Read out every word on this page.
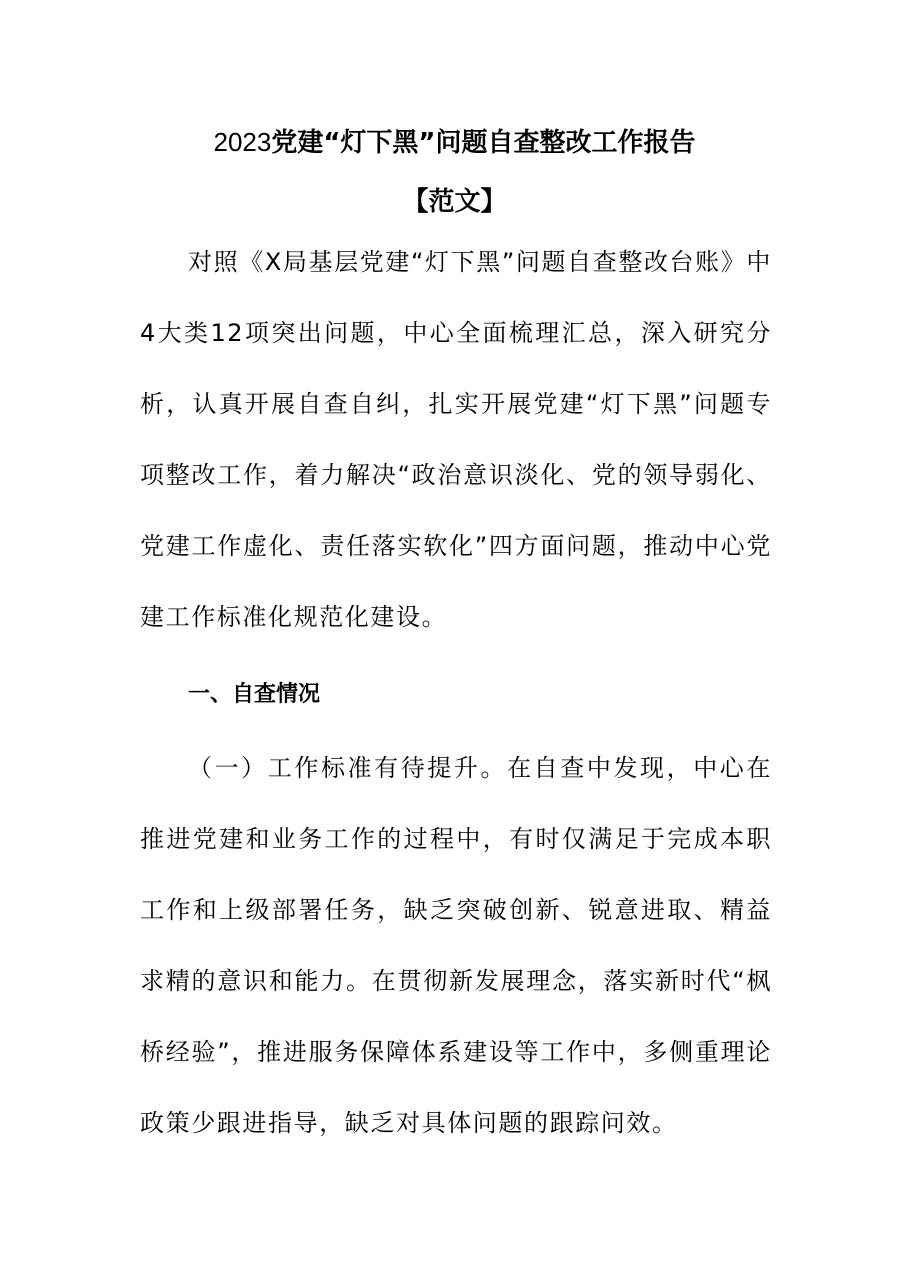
2023党建“灯下黑”问题自查整改工作报告
【范文】
对照《X局基层党建“灯下黑”问题自查整改台账》中4大类12项突出问题，中心全面梳理汇总，深入研究分析，认真开展自查自纠，扎实开展党建“灯下黑”问题专项整改工作，着力解决“政治意识淡化、党的领导弱化、党建工作虚化、责任落实软化”四方面问题，推动中心党建工作标准化规范化建设。
一、自查情况
（一）工作标准有待提升。在自查中发现，中心在推进党建和业务工作的过程中，有时仅满足于完成本职工作和上级部署任务，缺乏突破创新、锐意进取、精益求精的意识和能力。在贯彻新发展理念，落实新时代“枫桥经验”，推进服务保障体系建设等工作中，多侧重理论政策少跟进指导，缺乏对具体问题的跟踪问效。
